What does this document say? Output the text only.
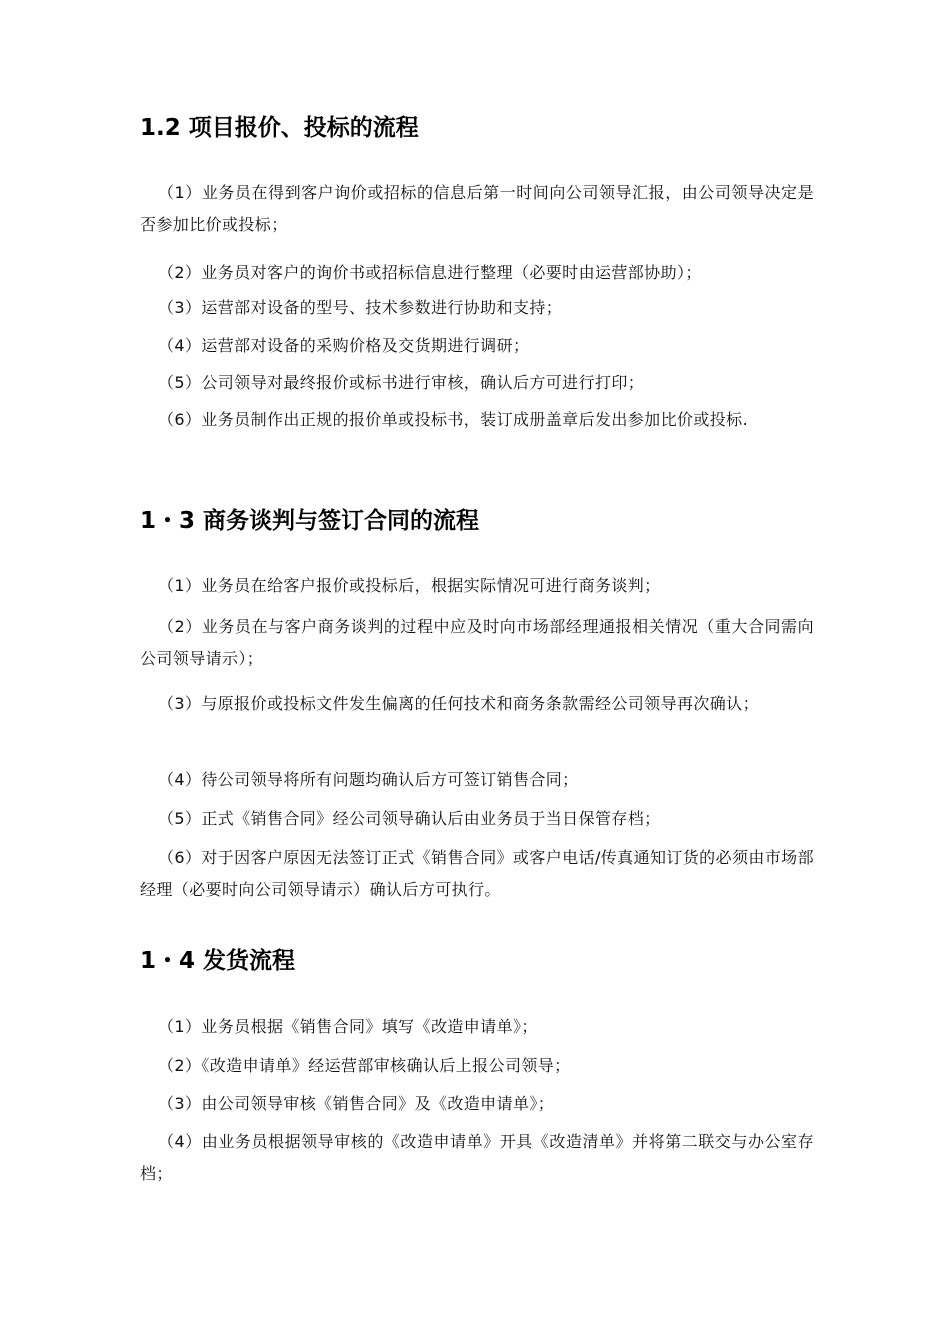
1.2 项目报价、投标的流程
（1）业务员在得到客户询价或招标的信息后第一时间向公司领导汇报，由公司领导决定是否参加比价或投标；
（2）业务员对客户的询价书或招标信息进行整理（必要时由运营部协助）；
（3）运营部对设备的型号、技术参数进行协助和支持；
（4）运营部对设备的采购价格及交货期进行调研；
（5）公司领导对最终报价或标书进行审核，确认后方可进行打印；
（6）业务员制作出正规的报价单或投标书，装订成册盖章后发出参加比价或投标.
1・3 商务谈判与签订合同的流程
（1）业务员在给客户报价或投标后，根据实际情况可进行商务谈判；
（2）业务员在与客户商务谈判的过程中应及时向市场部经理通报相关情况（重大合同需向公司领导请示）；
（3）与原报价或投标文件发生偏离的任何技术和商务条款需经公司领导再次确认；
（4）待公司领导将所有问题均确认后方可签订销售合同；
（5）正式《销售合同》经公司领导确认后由业务员于当日保管存档；
（6）对于因客户原因无法签订正式《销售合同》或客户电话/传真通知订货的必须由市场部经理（必要时向公司领导请示）确认后方可执行。
1・4 发货流程
（1）业务员根据《销售合同》填写《改造申请单》；
（2）《改造申请单》经运营部审核确认后上报公司领导；
（3）由公司领导审核《销售合同》及《改造申请单》；
（4）由业务员根据领导审核的《改造申请单》开具《改造清单》并将第二联交与办公室存档；
